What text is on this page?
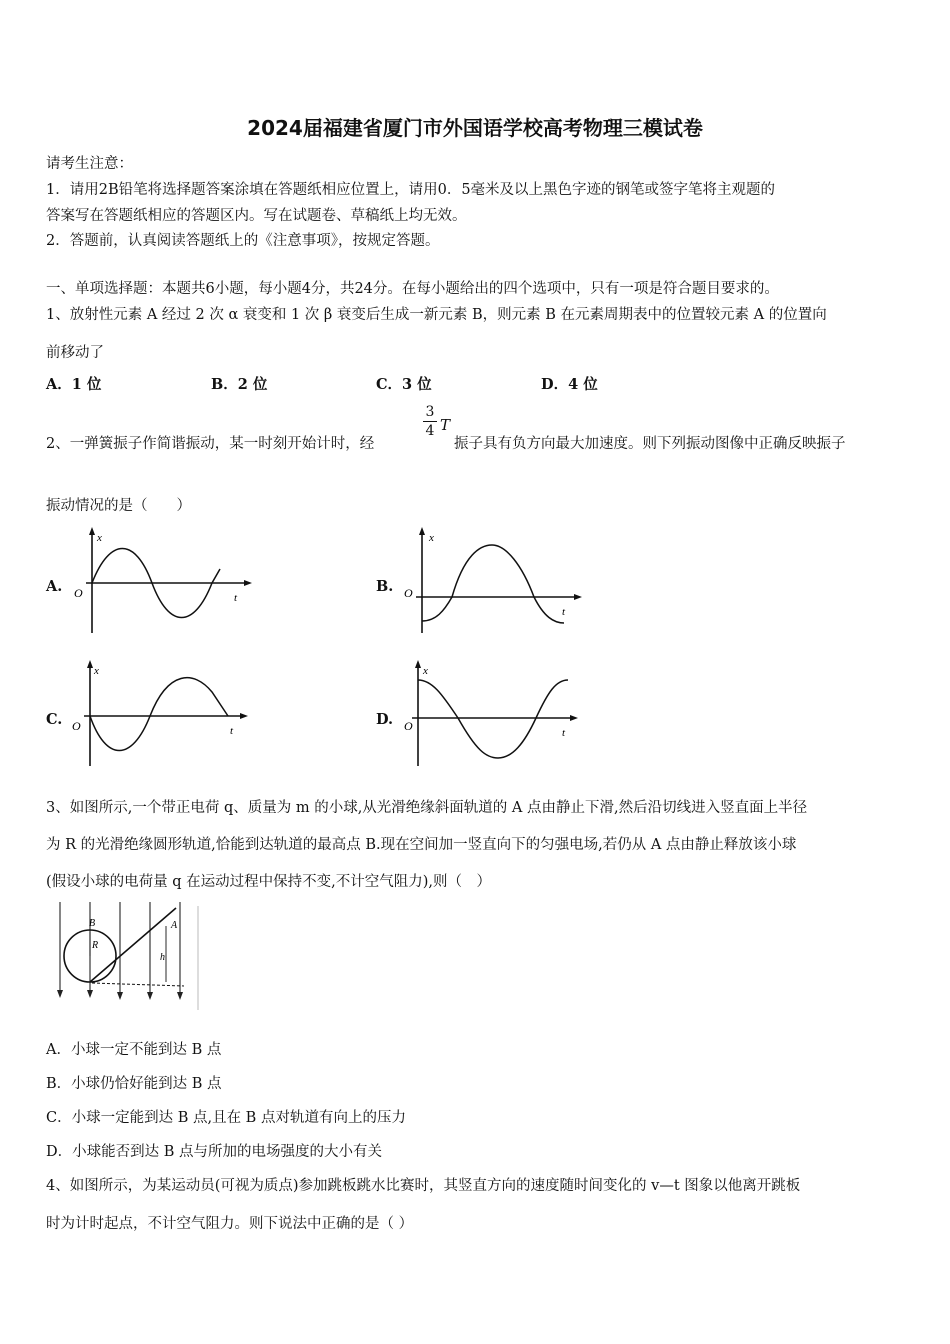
2024届福建省厦门市外国语学校高考物理三模试卷
请考生注意：
1．请用2B铅笔将选择题答案涂填在答题纸相应位置上，请用0．5毫米及以上黑色字迹的钢笔或签字笔将主观题的
答案写在答题纸相应的答题区内。写在试题卷、草稿纸上均无效。
2．答题前，认真阅读答题纸上的《注意事项》，按规定答题。
一、单项选择题：本题共6小题，每小题4分，共24分。在每小题给出的四个选项中，只有一项是符合题目要求的。
1、放射性元素 A 经过 2 次 α 衰变和 1 次 β 衰变后生成一新元素 B，则元素 B 在元素周期表中的位置较元素 A 的位置向
前移动了
A．1 位	B．2 位	C．3 位	D．4 位
2、一弹簧振子作简谐振动，某一时刻开始计时，经
3
4 T
振子具有负方向最大加速度。则下列振动图像中正确反映振子
振动情况的是（　　）
A.	B.
C.	D.
x
t
O
x
t
O
x
t
O
x
t
O
3、如图所示,一个带正电荷 q、质量为 m 的小球,从光滑绝缘斜面轨道的 A 点由静止下滑,然后沿切线进入竖直面上半径
为 R 的光滑绝缘圆形轨道,恰能到达轨道的最高点 B.现在空间加一竖直向下的匀强电场,若仍从 A 点由静止释放该小球
(假设小球的电荷量 q 在运动过程中保持不变,不计空气阻力),则（　）
B
R
A
h
A．小球一定不能到达 B 点
B．小球仍恰好能到达 B 点
C．小球一定能到达 B 点,且在 B 点对轨道有向上的压力
D．小球能否到达 B 点与所加的电场强度的大小有关
4、如图所示，为某运动员(可视为质点)参加跳板跳水比赛时，其竖直方向的速度随时间变化的 v—t 图象以他离开跳板
时为计时起点，不计空气阻力。则下说法中正确的是（ ）
